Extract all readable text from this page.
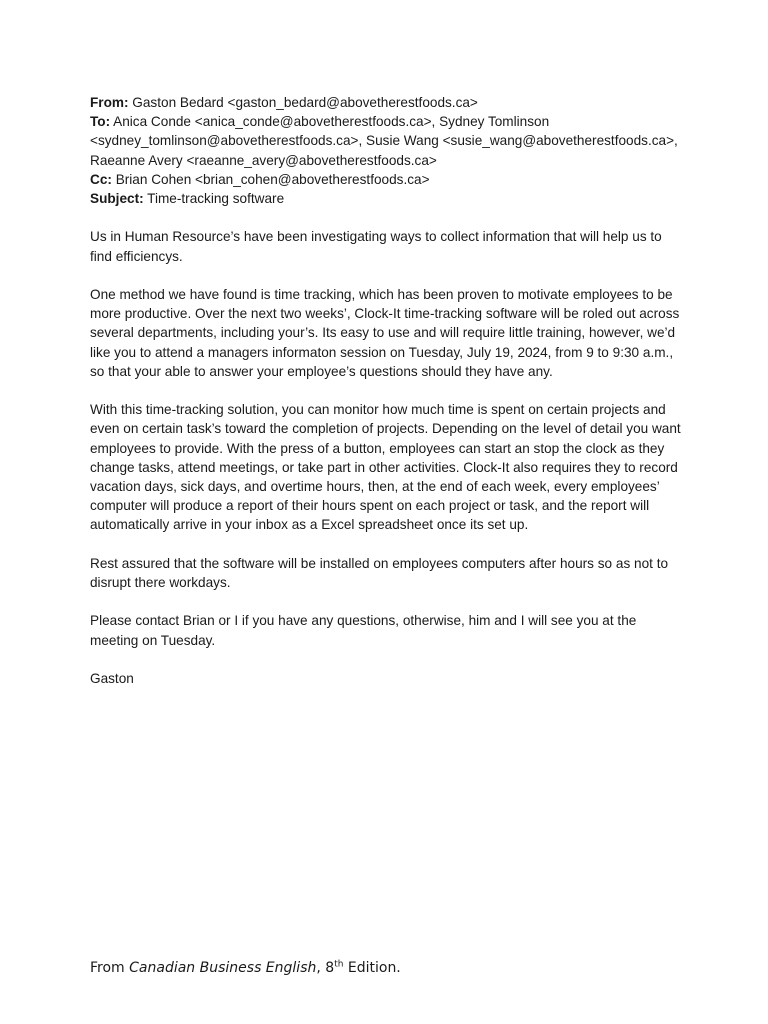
From: Gaston Bedard <gaston_bedard@abovetherestfoods.ca>

To: Anica Conde <anica_conde@abovetherestfoods.ca>, Sydney Tomlinson <sydney_tomlinson@abovetherestfoods.ca>, Susie Wang <susie_wang@abovetherestfoods.ca>, Raeanne Avery <raeanne_avery@abovetherestfoods.ca>

Cc: Brian Cohen <brian_cohen@abovetherestfoods.ca>

Subject: Time-tracking software

Us in Human Resource’s have been investigating ways to collect information that will help us to find efficiencys.

One method we have found is time tracking, which has been proven to motivate employees to be more productive. Over the next two weeks’, Clock-It time-tracking software will be roled out across several departments, including your’s. Its easy to use and will require little training, however, we’d like you to attend a managers informaton session on Tuesday, July 19, 2024, from 9 to 9:30 a.m., so that your able to answer your employee’s questions should they have any.

With this time-tracking solution, you can monitor how much time is spent on certain projects and even on certain task’s toward the completion of projects. Depending on the level of detail you want employees to provide. With the press of a button, employees can start an stop the clock as they change tasks, attend meetings, or take part in other activities. Clock-It also requires they to record vacation days, sick days, and overtime hours, then, at the end of each week, every employees’ computer will produce a report of their hours spent on each project or task, and the report will automatically arrive in your inbox as a Excel spreadsheet once its set up.

Rest assured that the software will be installed on employees computers after hours so as not to disrupt there workdays.

Please contact Brian or I if you have any questions, otherwise, him and I will see you at the meeting on Tuesday.

Gaston

From Canadian Business English, 8th Edition.
